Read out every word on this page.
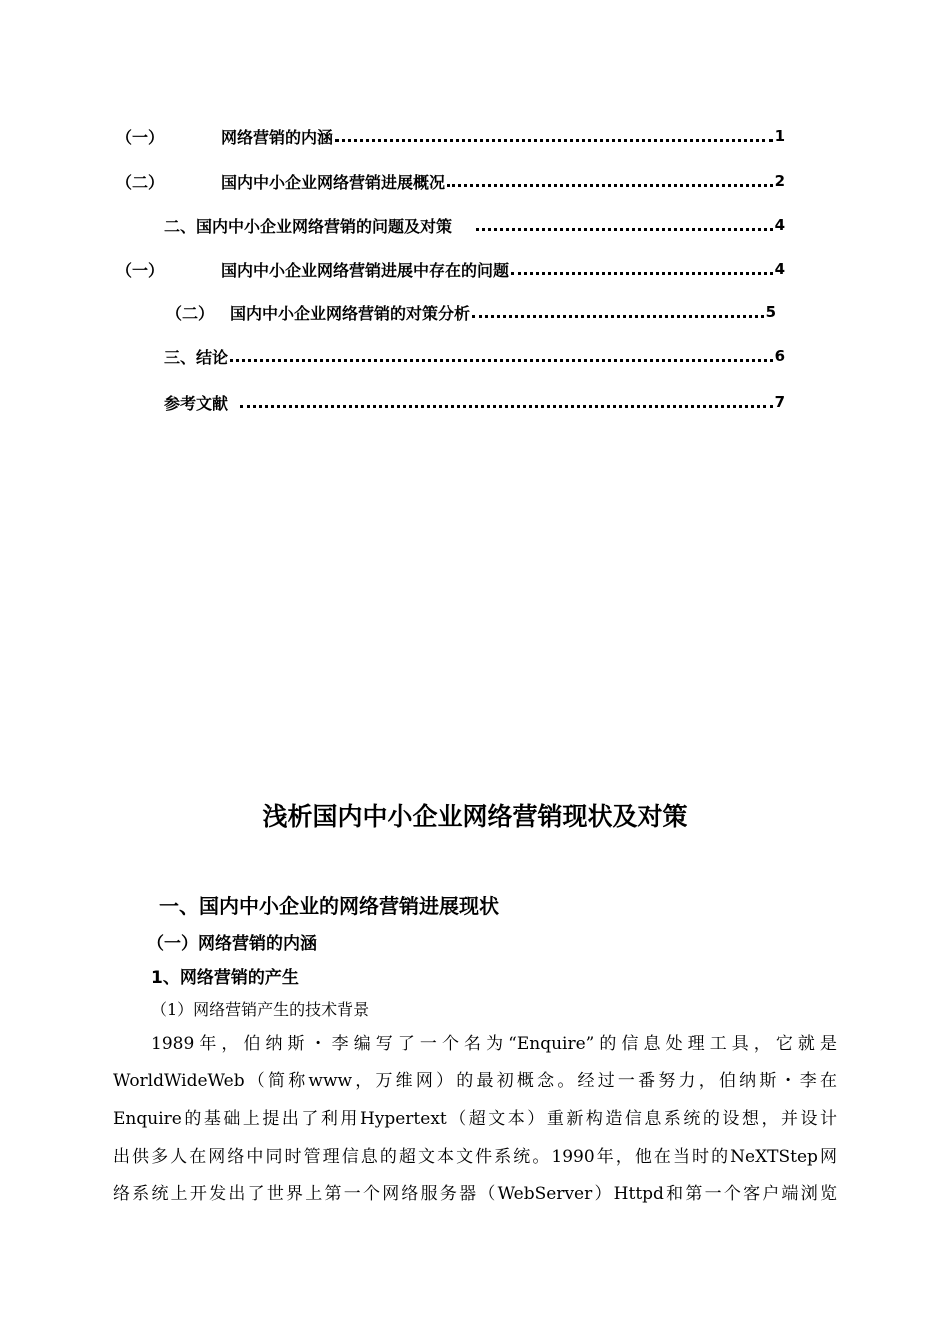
（一）	网络营销的内涵	1
（二）	国内中小企业网络营销进展概况	2
二、国内中小企业网络营销的问题及对策	4
（一）	国内中小企业网络营销进展中存在的问题	4
（二） 国内中小企业网络营销的对策分析	5
三、结论	6
参考文献	7
浅析国内中小企业网络营销现状及对策
一、国内中小企业的网络营销进展现状
（一）网络营销的内涵
1、网络营销的产生
（1）网络营销产生的技术背景
1989年，伯纳斯・李编写了一个名为“Enquire”的信息处理工具，它就是
WorldWideWeb（简称www，万维网）的最初概念。经过一番努力，伯纳斯・李在
Enquire的基础上提出了利用Hypertext（超文本）重新构造信息系统的设想，并设计
出供多人在网络中同时管理信息的超文本文件系统。1990年，他在当时的NeXTStep网
络系统上开发出了世界上第一个网络服务器（WebServer）Httpd和第一个客户端浏览
